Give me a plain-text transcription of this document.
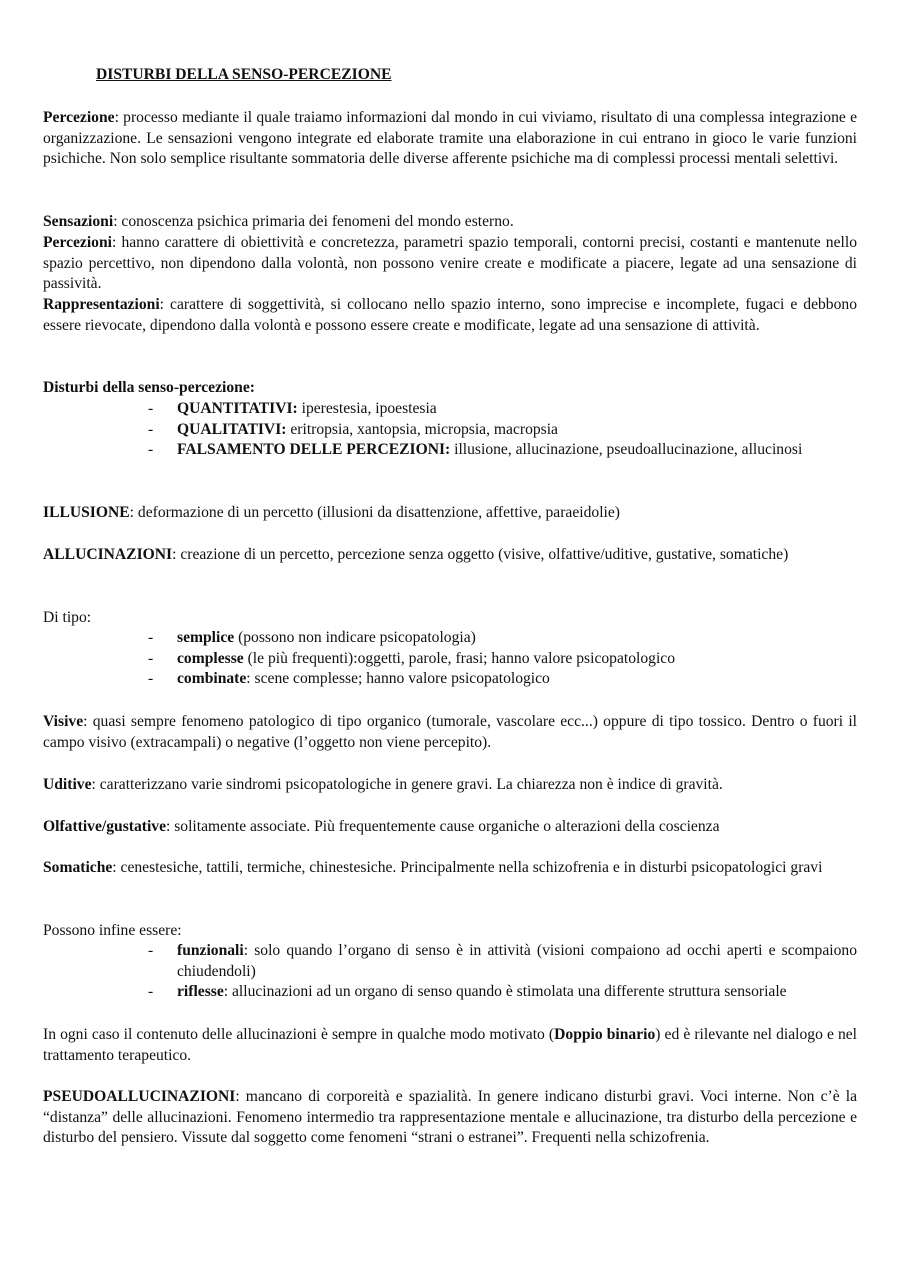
DISTURBI DELLA SENSO-PERCEZIONE

Percezione: processo mediante il quale traiamo informazioni dal mondo in cui viviamo, risultato di una complessa integrazione e organizzazione. Le sensazioni vengono integrate ed elaborate tramite una elaborazione in cui entrano in gioco le varie funzioni psichiche. Non solo semplice risultante sommatoria delle diverse afferente psichiche ma di complessi processi mentali selettivi.

Sensazioni: conoscenza psichica primaria dei fenomeni del mondo esterno.

Percezioni: hanno carattere di obiettività e concretezza, parametri spazio temporali, contorni precisi, costanti e mantenute nello spazio percettivo, non dipendono dalla volontà, non possono venire create e modificate a piacere, legate ad una sensazione di passività.

Rappresentazioni: carattere di soggettività, si collocano nello spazio interno, sono imprecise e incomplete, fugaci e debbono essere rievocate, dipendono dalla volontà e possono essere create e modificate, legate ad una sensazione di attività.

Disturbi della senso-percezione:

- QUANTITATIVI: iperestesia, ipoestesia
- QUALITATIVI: eritropsia, xantopsia, micropsia, macropsia
- FALSAMENTO DELLE PERCEZIONI: illusione, allucinazione, pseudoallucinazione, allucinosi

ILLUSIONE: deformazione di un percetto (illusioni da disattenzione, affettive, paraeidolie)

ALLUCINAZIONI: creazione di un percetto, percezione senza oggetto (visive, olfattive/uditive, gustative, somatiche)

Di tipo:

- semplice (possono non indicare psicopatologia)
- complesse (le più frequenti):oggetti, parole, frasi; hanno valore psicopatologico
- combinate: scene complesse; hanno valore psicopatologico

Visive: quasi sempre fenomeno patologico di tipo organico (tumorale, vascolare ecc...) oppure di tipo tossico. Dentro o fuori il campo visivo (extracampali) o negative (l’oggetto non viene percepito).

Uditive: caratterizzano varie sindromi psicopatologiche in genere gravi. La chiarezza non è indice di gravità.

Olfattive/gustative: solitamente associate. Più frequentemente cause organiche o alterazioni della coscienza

Somatiche: cenestesiche, tattili, termiche, chinestesiche. Principalmente nella schizofrenia e in disturbi psicopatologici gravi

Possono infine essere:

- funzionali: solo quando l’organo di senso è in attività (visioni compaiono ad occhi aperti e scompaiono chiudendoli)
- riflesse: allucinazioni ad un organo di senso quando è stimolata una differente struttura sensoriale

In ogni caso il contenuto delle allucinazioni è sempre in qualche modo motivato (Doppio binario) ed è rilevante nel dialogo e nel trattamento terapeutico.

PSEUDOALLUCINAZIONI: mancano di corporeità e spazialità. In genere indicano disturbi gravi. Voci interne. Non c’è la “distanza” delle allucinazioni. Fenomeno intermedio tra rappresentazione mentale e allucinazione, tra disturbo della percezione e disturbo del pensiero. Vissute dal soggetto come fenomeni “strani o estranei”. Frequenti nella schizofrenia.
